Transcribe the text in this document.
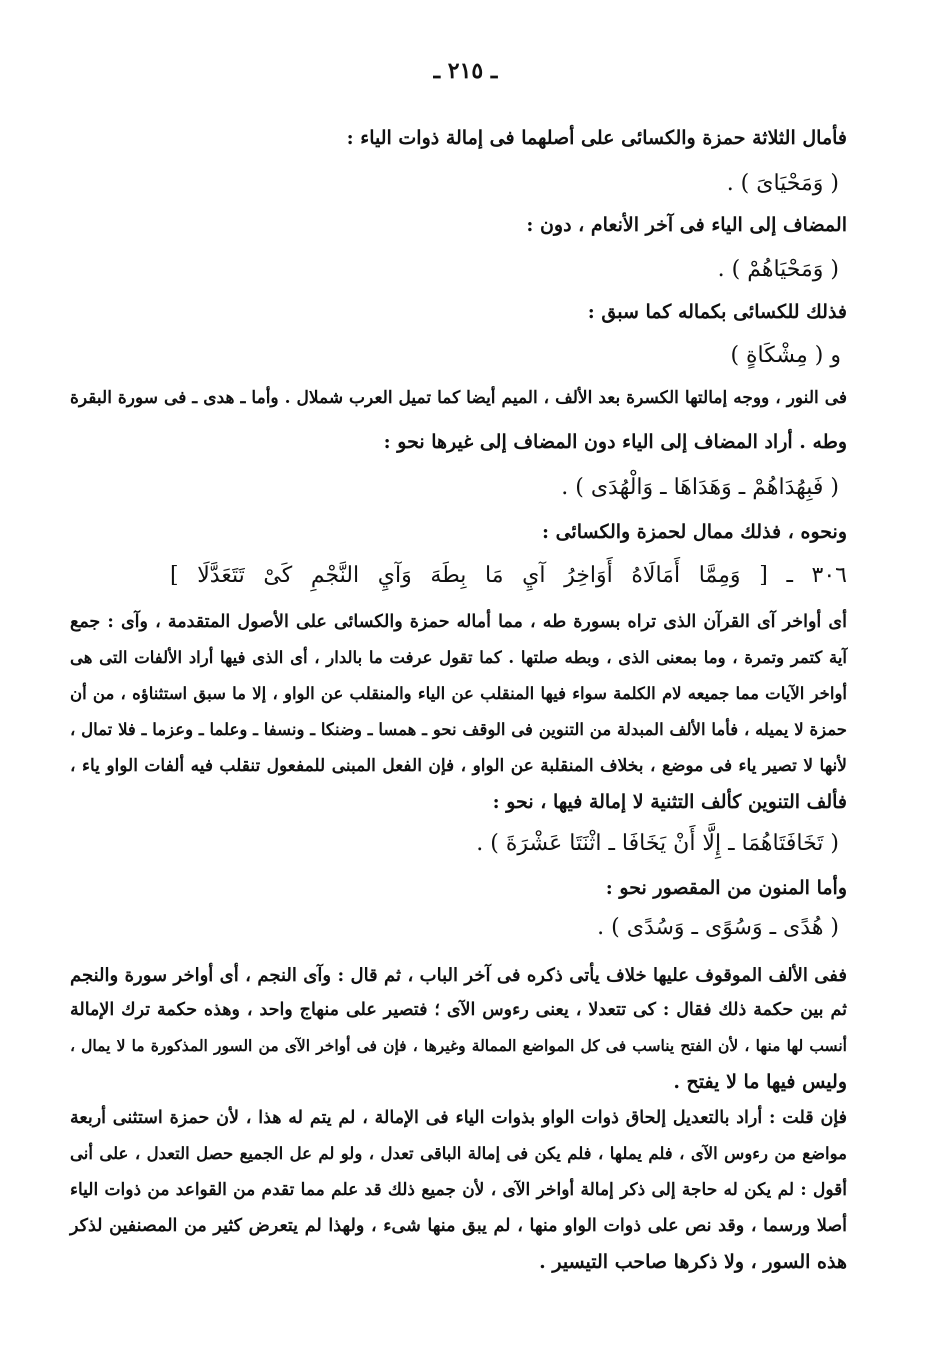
ـ ٢١٥ ـ
فأمال الثلاثة حمزة والكسائى على أصلهما فى إمالة ذوات الياء :
( وَمَحْيَاىَ ) .
المضاف إلى الياء فى آخر الأنعام ، دون :
( وَمَحْيَاهُمْ ) .
فذلك للكسائى بكماله كما سبق :
و ( مِشْكَاةٍ )
فى النور ، ووجه إمالتها الكسرة بعد الألف ، الميم أيضا كما تميل العرب شملال . وأما ـ هدى ـ فى سورة البقرة
وطه . أراد المضاف إلى الياء دون المضاف إلى غيرها نحو :
( فَبِهُدَاهُمْ ـ وَهَدَاهَا ـ وَالْهُدَى ) .
ونحوه ، فذلك ممال لحمزة والكسائى :
٣٠٦ ـ [ وَمِمَّا أَمَالَاهُ أَوَاخِرُ آيِ مَا بِطَهَ وَآيِ النَّجْمِ كَىْ تَتَعَدَّلَا ]
أى أواخر آى القرآن الذى تراه بسورة طه ، مما أماله حمزة والكسائى على الأصول المتقدمة ، وآى : جمع
آية كتمر وتمرة ، وما بمعنى الذى ، وبطه صلتها . كما تقول عرفت ما بالدار ، أى الذى فيها أراد الألفات التى هى
أواخر الآيات مما جميعه لام الكلمة سواء فيها المنقلب عن الياء والمنقلب عن الواو ، إلا ما سبق استثناؤه ، من أن
حمزة لا يميله ، فأما الألف المبدلة من التنوين فى الوقف نحو ـ همسا ـ وضنكا ـ ونسفا ـ وعلما ـ وعزما ـ فلا تمال ،
لأنها لا تصير ياء فى موضع ، بخلاف المنقلبة عن الواو ، فإن الفعل المبنى للمفعول تنقلب فيه ألفات الواو ياء ،
فألف التنوين كألف التثنية لا إمالة فيها ، نحو :
( تَخَافَتَاهُمَا ـ إِلَّا أَنْ يَخَافَا ـ اثْنَتَا عَشْرَةَ ) .
وأما المنون من المقصور نحو :
( هُدًى ـ وَسُوًى ـ وَسُدًى ) .
ففى الألف الموقوف عليها خلاف يأتى ذكره فى آخر الباب ، ثم قال : وآى النجم ، أى أواخر سورة والنجم
ثم بين حكمة ذلك فقال : كى تتعدلا ، يعنى رءوس الآى ؛ فتصير على منهاج واحد ، وهذه حكمة ترك الإمالة
أنسب لها منها ، لأن الفتح يناسب فى كل المواضع الممالة وغيرها ، فإن فى أواخر الآى من السور المذكورة ما لا يمال ،
وليس فيها ما لا يفتح .
فإن قلت : أراد بالتعديل إلحاق ذوات الواو بذوات الياء فى الإمالة ، لم يتم له هذا ، لأن حمزة استثنى أربعة
مواضع من رءوس الآى ، فلم يملها ، فلم يكن فى إمالة الباقى تعدل ، ولو لم عل الجميع حصل التعدل ، على أنى
أقول : لم يكن له حاجة إلى ذكر إمالة أواخر الآى ، لأن جميع ذلك قد علم مما تقدم من القواعد من ذوات الياء
أصلا ورسما ، وقد نص على ذوات الواو منها ، لم يبق منها شىء ، ولهذا لم يتعرض كثير من المصنفين لذكر
هذه السور ، ولا ذكرها صاحب التيسير .
